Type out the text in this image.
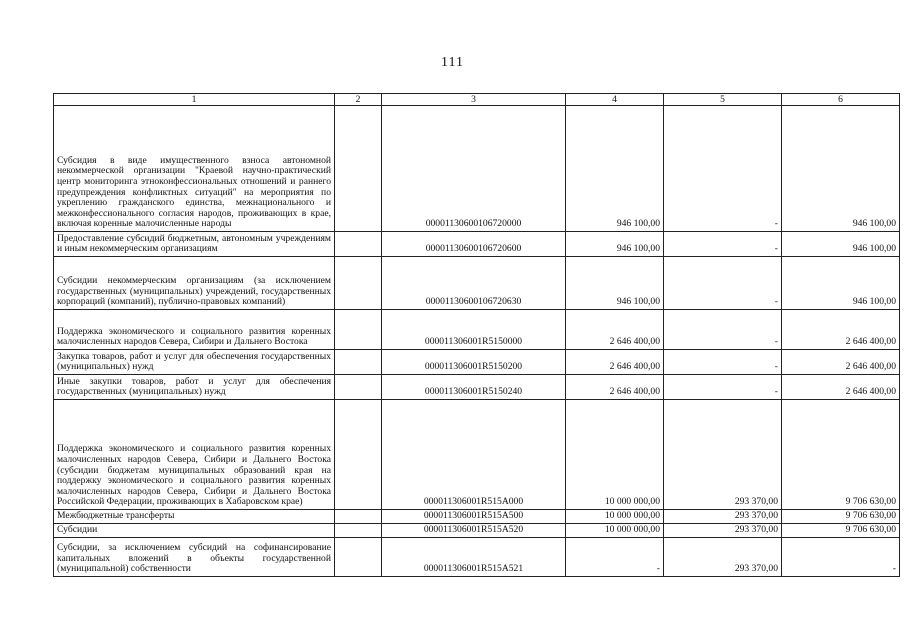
111
1	2	3	4	5	6
Субсидия в виде имущественного взноса автономной некоммерческой организации "Краевой научно-практический центр мониторинга этноконфессиональных отношений и раннего предупреждения конфликтных ситуаций" на мероприятия по укреплению гражданского единства, межнационального и межконфессионального согласия народов, проживающих в крае, включая коренные малочисленные народы		00001130600106720000	946 100,00	-	946 100,00
Предоставление субсидий бюджетным, автономным учреждениям и иным некоммерческим организациям		00001130600106720600	946 100,00	-	946 100,00
Субсидии некоммерческим организациям (за исключением государственных (муниципальных) учреждений, государственных корпораций (компаний), публично-правовых компаний)		00001130600106720630	946 100,00	-	946 100,00
Поддержка экономического и социального развития коренных малочисленных народов Севера, Сибири и Дальнего Востока		000011306001R5150000	2 646 400,00	-	2 646 400,00
Закупка товаров, работ и услуг для обеспечения государственных (муниципальных) нужд		000011306001R5150200	2 646 400,00	-	2 646 400,00
Иные закупки товаров, работ и услуг для обеспечения государственных (муниципальных) нужд		000011306001R5150240	2 646 400,00	-	2 646 400,00
Поддержка экономического и социального развития коренных малочисленных народов Севера, Сибири и Дальнего Востока (субсидии бюджетам муниципальных образований края на поддержку экономического и социального развития коренных малочисленных народов Севера, Сибири и Дальнего Востока Российской Федерации, проживающих в Хабаровском крае)		000011306001R515A000	10 000 000,00	293 370,00	9 706 630,00
Межбюджетные трансферты		000011306001R515A500	10 000 000,00	293 370,00	9 706 630,00
Субсидии		000011306001R515A520	10 000 000,00	293 370,00	9 706 630,00
Субсидии, за исключением субсидий на софинансирование капитальных вложений в объекты государственной (муниципальной) собственности		000011306001R515A521	-	293 370,00	-
